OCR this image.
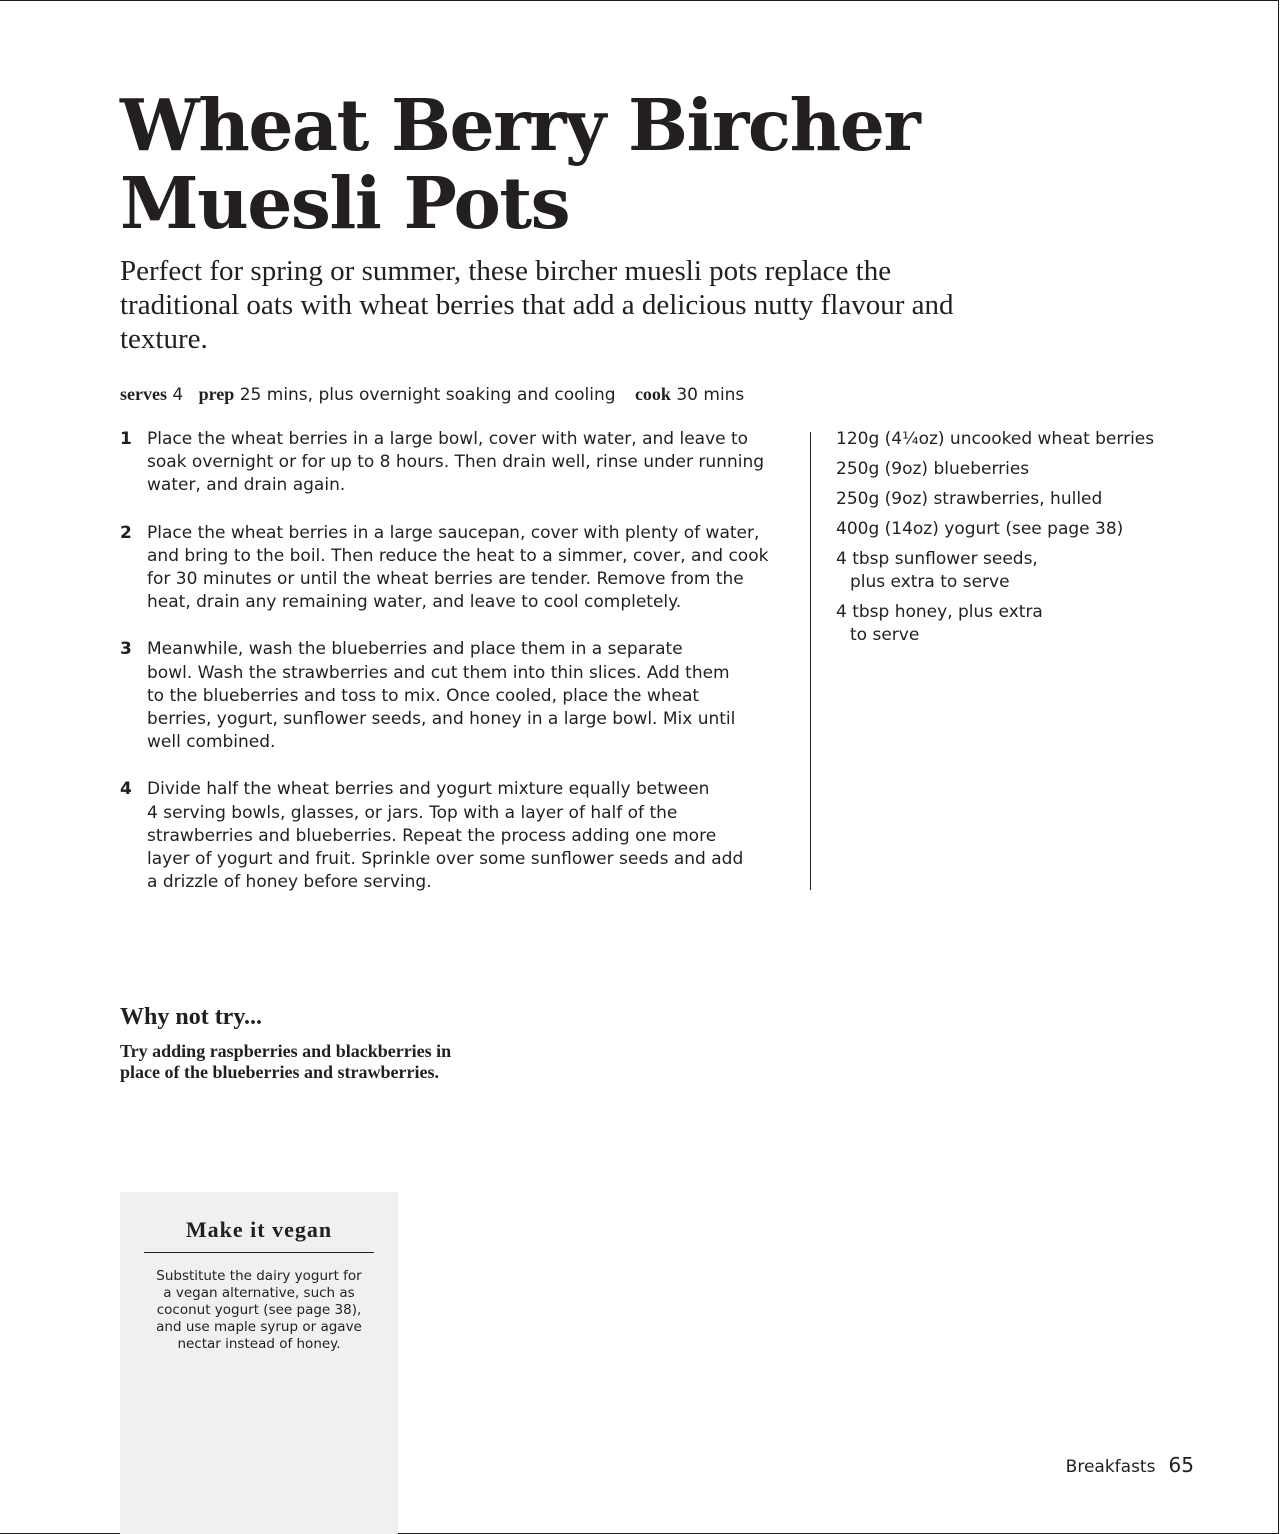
Wheat Berry Bircher
Muesli Pots

Perfect for spring or summer, these bircher muesli pots replace the traditional oats with wheat berries that add a delicious nutty flavour and texture.

serves 4 prep 25 mins, plus overnight soaking and cooling cook 30 mins
1 Place the wheat berries in a large bowl, cover with water, and leave to
soak overnight or for up to 8 hours. Then drain well, rinse under running
water, and drain again.
2 Place the wheat berries in a large saucepan, cover with plenty of water,
and bring to the boil. Then reduce the heat to a simmer, cover, and cook
for 30 minutes or until the wheat berries are tender. Remove from the
heat, drain any remaining water, and leave to cool completely.
3 Meanwhile, wash the blueberries and place them in a separate
bowl. Wash the strawberries and cut them into thin slices. Add them
to the blueberries and toss to mix. Once cooled, place the wheat
berries, yogurt, sunflower seeds, and honey in a large bowl. Mix until
well combined.
4 Divide half the wheat berries and yogurt mixture equally between
4 serving bowls, glasses, or jars. Top with a layer of half of the
strawberries and blueberries. Repeat the process adding one more
layer of yogurt and fruit. Sprinkle over some sunflower seeds and add
a drizzle of honey before serving.
120g (4¼oz) uncooked wheat berries
250g (9oz) blueberries
250g (9oz) strawberries, hulled
400g (14oz) yogurt (see page 38)
4 tbsp sunflower seeds,
plus extra to serve
4 tbsp honey, plus extra
to serve
Why not try...

Try adding raspberries and blackberries in
place of the blueberries and strawberries.

Make it vegan

Substitute the dairy yogurt for
a vegan alternative, such as
coconut yogurt (see page 38),
and use maple syrup or agave
nectar instead of honey.

Breakfasts 65
